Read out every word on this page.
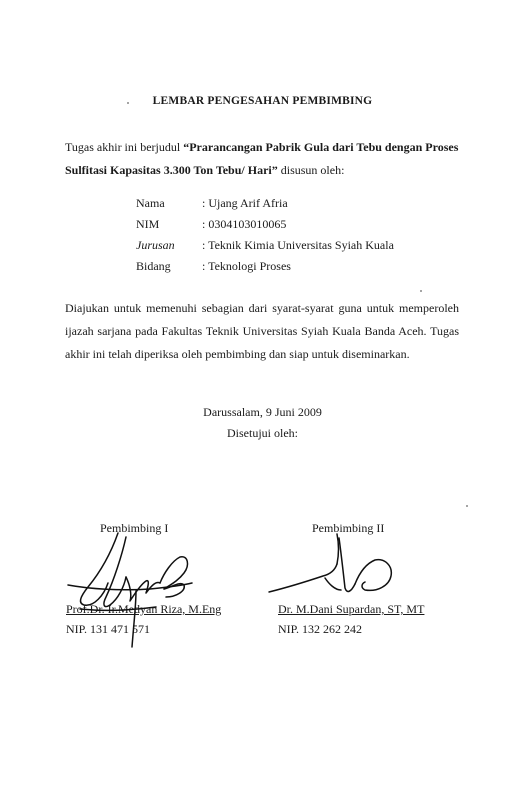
LEMBAR PENGESAHAN PEMBIMBING
Tugas akhir ini berjudul “Prarancangan Pabrik Gula dari Tebu dengan Proses Sulfitasi Kapasitas 3.300 Ton Tebu/ Hari” disusun oleh:
Nama	: Ujang Arif Afria
NIM	: 0304103010065
Jurusan	: Teknik Kimia Universitas Syiah Kuala
Bidang	: Teknologi Proses
Diajukan untuk memenuhi sebagian dari syarat-syarat guna untuk memperoleh
ijazah sarjana pada Fakultas Teknik Universitas Syiah Kuala Banda Aceh. Tugas akhir ini telah diperiksa oleh pembimbing dan siap untuk diseminarkan.
Darussalam, 9 Juni 2009
Disetujui oleh:
Pembimbing I
Prof.Dr. Ir.Medyan Riza, M.Eng
NIP. 131 471 571
Pembimbing II
Dr. M.Dani Supardan, ST, MT
NIP. 132 262 242
